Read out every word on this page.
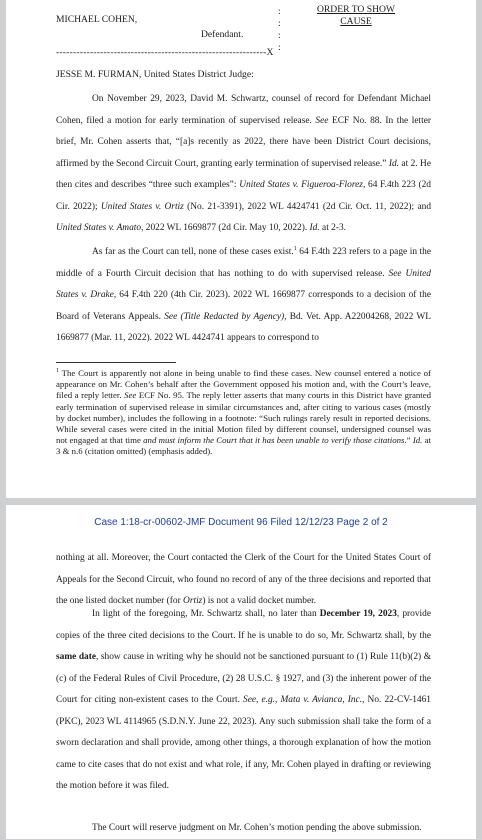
MICHAEL COHEN,
Defendant.
:
:
:
:
--------------------------------------------------------------X
ORDER TO SHOW CAUSE
JESSE M. FURMAN, United States District Judge:
On November 29, 2023, David M. Schwartz, counsel of record for Defendant Michael Cohen, filed a motion for early termination of supervised release. See ECF No. 88. In the letter brief, Mr. Cohen asserts that, “[a]s recently as 2022, there have been District Court decisions, affirmed by the Second Circuit Court, granting early termination of supervised release.” Id. at 2. He then cites and describes “three such examples”: United States v. Figueroa-Florez, 64 F.4th 223 (2d Cir. 2022); United States v. Ortiz (No. 21-3391), 2022 WL 4424741 (2d Cir. Oct. 11, 2022); and United States v. Amato, 2022 WL 1669877 (2d Cir. May 10, 2022). Id. at 2-3.
As far as the Court can tell, none of these cases exist.$^1$ 64 F.4th 223 refers to a page in the middle of a Fourth Circuit decision that has nothing to do with supervised release. See United States v. Drake, 64 F.4th 220 (4th Cir. 2023). 2022 WL 1669877 corresponds to a decision of the Board of Veterans Appeals. See (Title Redacted by Agency), Bd. Vet. App. A22004268, 2022 WL 1669877 (Mar. 11, 2022). 2022 WL 4424741 appears to correspond to
$^1$ The Court is apparently not alone in being unable to find these cases. New counsel entered a notice of appearance on Mr. Cohen’s behalf after the Government opposed his motion and, with the Court’s leave, filed a reply letter. See ECF No. 95. The reply letter asserts that many courts in this District have granted early termination of supervised release in similar circumstances and, after citing to various cases (mostly by docket number), includes the following in a footnote: “Such rulings rarely result in reported decisions. While several cases were cited in the initial Motion filed by different counsel, undersigned counsel was not engaged at that time and must inform the Court that it has been unable to verify those citations.” Id. at 3 & n.6 (citation omitted) (emphasis added).
Case 1:18-cr-00602-JMF Document 96 Filed 12/12/23 Page 2 of 2
nothing at all. Moreover, the Court contacted the Clerk of the Court for the United States Court of Appeals for the Second Circuit, who found no record of any of the three decisions and reported that the one listed docket number (for Ortiz) is not a valid docket number.
In light of the foregoing, Mr. Schwartz shall, no later than December 19, 2023, provide copies of the three cited decisions to the Court. If he is unable to do so, Mr. Schwartz shall, by the same date, show cause in writing why he should not be sanctioned pursuant to (1) Rule 11(b)(2) & (c) of the Federal Rules of Civil Procedure, (2) 28 U.S.C. § 1927, and (3) the inherent power of the Court for citing non-existent cases to the Court. See, e.g., Mata v. Avianca, Inc., No. 22-CV-1461 (PKC), 2023 WL 4114965 (S.D.N.Y. June 22, 2023). Any such submission shall take the form of a sworn declaration and shall provide, among other things, a thorough explanation of how the motion came to cite cases that do not exist and what role, if any, Mr. Cohen played in drafting or reviewing the motion before it was filed.
The Court will reserve judgment on Mr. Cohen’s motion pending the above submission.
